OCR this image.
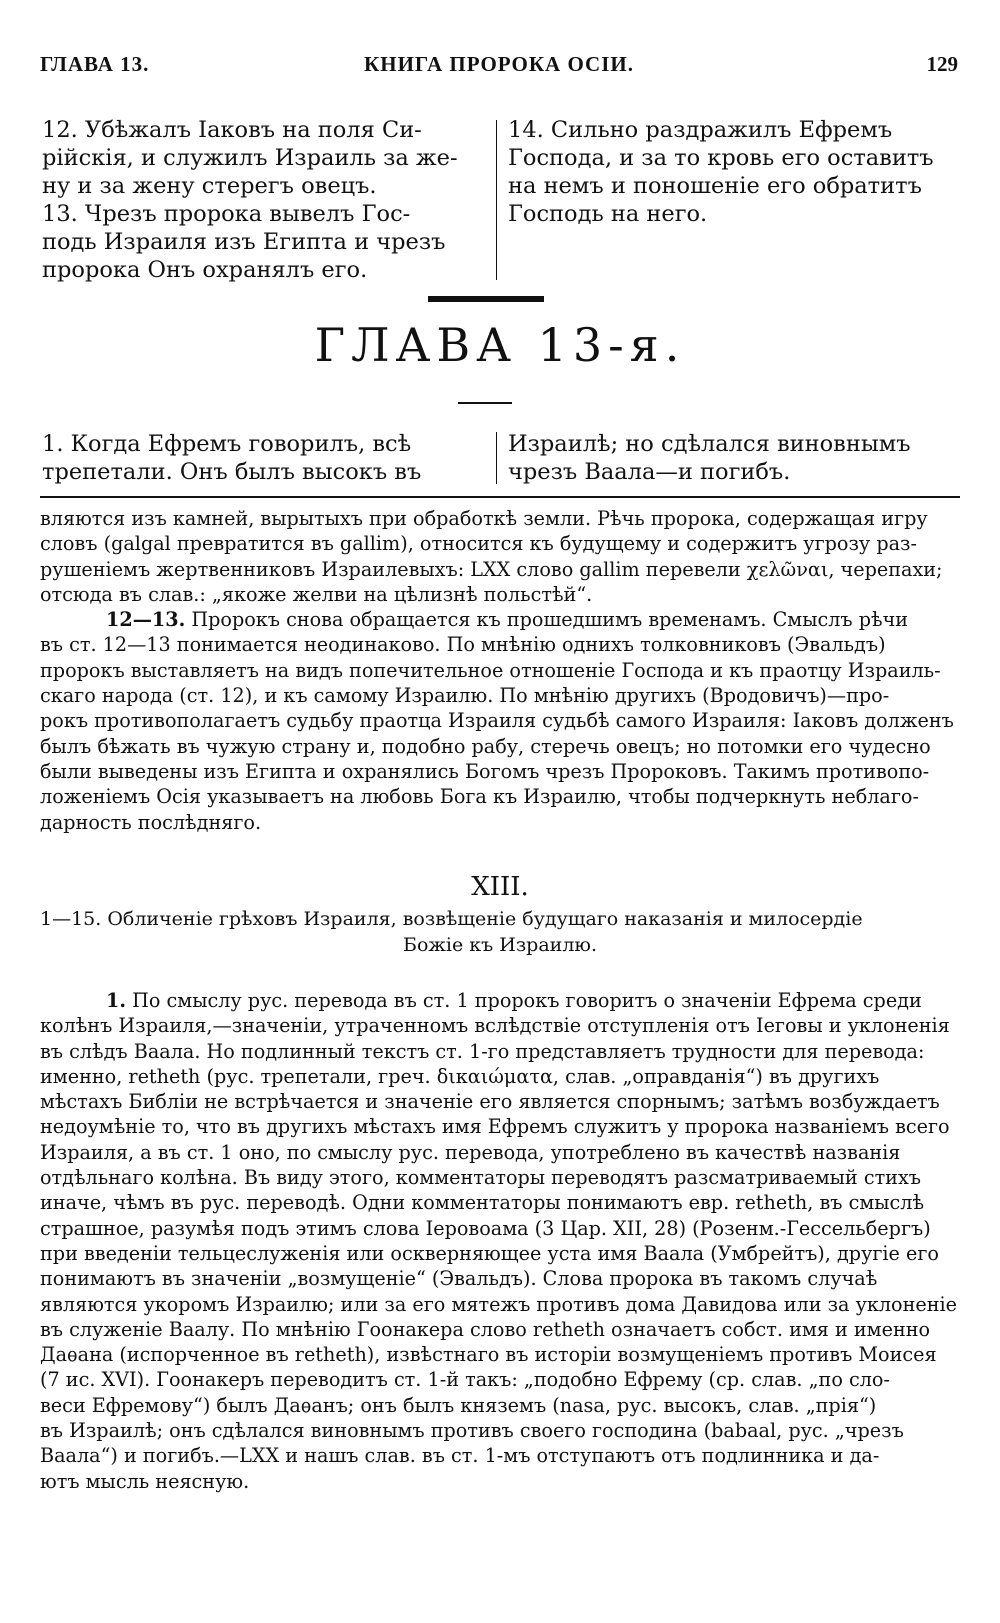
ГЛАВА 13.	КНИГА ПРОРОКА ОСІИ.	129
12. Убѣжалъ Іаковъ на поля Си-
рійскія, и служилъ Израиль за же-
ну и за жену стерегъ овецъ.
13. Чрезъ пророка вывелъ Гос-
подь Израиля изъ Египта и чрезъ
пророка Онъ охранялъ его.
14. Сильно раздражилъ Ефремъ
Господа, и за то кровь его оставитъ
на немъ и поношеніе его обратитъ
Господь на него.
ГЛАВА 13-я.
1. Когда Ефремъ говорилъ, всѣ
трепетали. Онъ былъ высокъ въ
Израилѣ; но сдѣлался виновнымъ
чрезъ Ваала—и погибъ.
вляются изъ камней, вырытыхъ при обработкѣ земли. Рѣчь пророка, содержащая игру
словъ (galgal превратится въ gallim), относится къ будущему и содержитъ угрозу раз-
рушеніемъ жертвенниковъ Израилевыхъ: LXX слово gallim перевели χελῶναι, черепахи;
отсюда въ слав.: „якоже желви на цѣлизнѣ польстѣй“.
12—13. Пророкъ снова обращается къ прошедшимъ временамъ. Смыслъ рѣчи
въ ст. 12—13 понимается неодинаково. По мнѣнію однихъ толковниковъ (Эвальдъ)
пророкъ выставляетъ на видъ попечительное отношеніе Господа и къ праотцу Израиль-
скаго народа (ст. 12), и къ самому Израилю. По мнѣнію другихъ (Вродовичъ)—про-
рокъ противополагаетъ судьбу праотца Израиля судьбѣ самого Израиля: Іаковъ долженъ
былъ бѣжать въ чужую страну и, подобно рабу, стеречь овецъ; но потомки его чудесно
были выведены изъ Египта и охранялись Богомъ чрезъ Пророковъ. Такимъ противопо-
ложеніемъ Осія указываетъ на любовь Бога къ Израилю, чтобы подчеркнуть неблаго-
дарность послѣдняго.
XIII.
1—15. Обличеніе грѣховъ Израиля, возвѣщеніе будущаго наказанія и милосердіе
Божіе къ Израилю.
1. По смыслу рус. перевода въ ст. 1 пророкъ говоритъ о значеніи Ефрема среди
колѣнъ Израиля,—значеніи, утраченномъ вслѣдствіе отступленія отъ Іеговы и уклоненія
въ слѣдъ Ваала. Но подлинный текстъ ст. 1-го представляетъ трудности для перевода:
именно, retheth (рус. трепетали, греч. δικαιώματα, слав. „оправданія“) въ другихъ
мѣстахъ Библіи не встрѣчается и значеніе его является спорнымъ; затѣмъ возбуждаетъ
недоумѣніе то, что въ другихъ мѣстахъ имя Ефремъ служитъ у пророка названіемъ всего
Израиля, а въ ст. 1 оно, по смыслу рус. перевода, употреблено въ качествѣ названія
отдѣльнаго колѣна. Въ виду этого, комментаторы переводятъ разсматриваемый стихъ
иначе, чѣмъ въ рус. переводѣ. Одни комментаторы понимаютъ евр. retheth, въ смыслѣ
страшное, разумѣя подъ этимъ слова Іеровоама (3 Цар. XII, 28) (Розенм.-Гессельбергъ)
при введеніи тельцеслуженія или оскверняющее уста имя Ваала (Умбрейтъ), другіе его
понимаютъ въ значеніи „возмущеніе“ (Эвальдъ). Слова пророка въ такомъ случаѣ
являются укоромъ Израилю; или за его мятежъ противъ дома Давидова или за уклоненіе
въ служеніе Ваалу. По мнѣнію Гоонакера слово retheth означаетъ собст. имя и именно
Даѳана (испорченное въ retheth), извѣстнаго въ исторіи возмущеніемъ противъ Моисея
(7 ис. XVI). Гоонакеръ переводитъ ст. 1-й такъ: „подобно Ефрему (ср. слав. „по сло-
веси Ефремову“) былъ Даѳанъ; онъ былъ княземъ (nasa, рус. высокъ, слав. „прія“)
въ Израилѣ; онъ сдѣлался виновнымъ противъ своего господина (babaal, рус. „чрезъ
Ваала“) и погибъ.—LXX и нашъ слав. въ ст. 1-мъ отступаютъ отъ подлинника и да-
ютъ мысль неясную.
